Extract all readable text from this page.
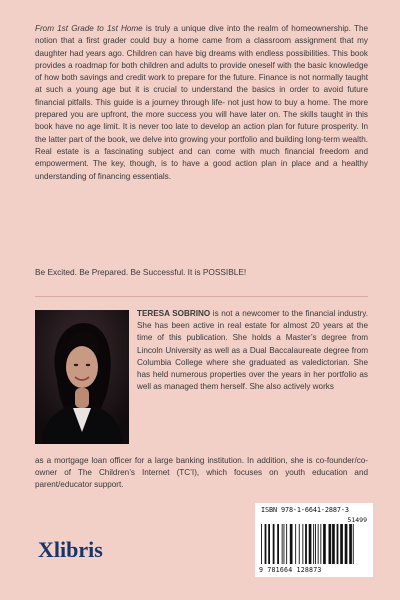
From 1st Grade to 1st Home is truly a unique dive into the realm of homeownership. The notion that a first grader could buy a home came from a classroom assignment that my daughter had years ago. Children can have big dreams with endless possibilities. This book provides a roadmap for both children and adults to provide oneself with the basic knowledge of how both savings and credit work to prepare for the future. Finance is not normally taught at such a young age but it is crucial to understand the basics in order to avoid future financial pitfalls. This guide is a journey through life- not just how to buy a home. The more prepared you are upfront, the more success you will have later on. The skills taught in this book have no age limit. It is never too late to develop an action plan for future prosperity. In the latter part of the book, we delve into growing your portfolio and building long-term wealth. Real estate is a fascinating subject and can come with much financial freedom and empowerment. The key, though, is to have a good action plan in place and a healthy understanding of financing essentials.

Be Excited. Be Prepared. Be Successful. It is POSSIBLE!

TERESA SOBRINO is not a newcomer to the financial industry. She has been active in real estate for almost 20 years at the time of this publication. She holds a Master’s degree from Lincoln University as well as a Dual Baccalaureate degree from Columbia College where she graduated as valedictorian. She has held numerous properties over the years in her portfolio as well as managed them herself. She also actively works

as a mortgage loan officer for a large banking institution. In addition, she is co-founder/co-owner of The Children’s Internet (TC’I), which focuses on youth education and parent/educator support.

ISBN 978-1-6641-2887-3
51499
9 781664 128873
Xlibris
